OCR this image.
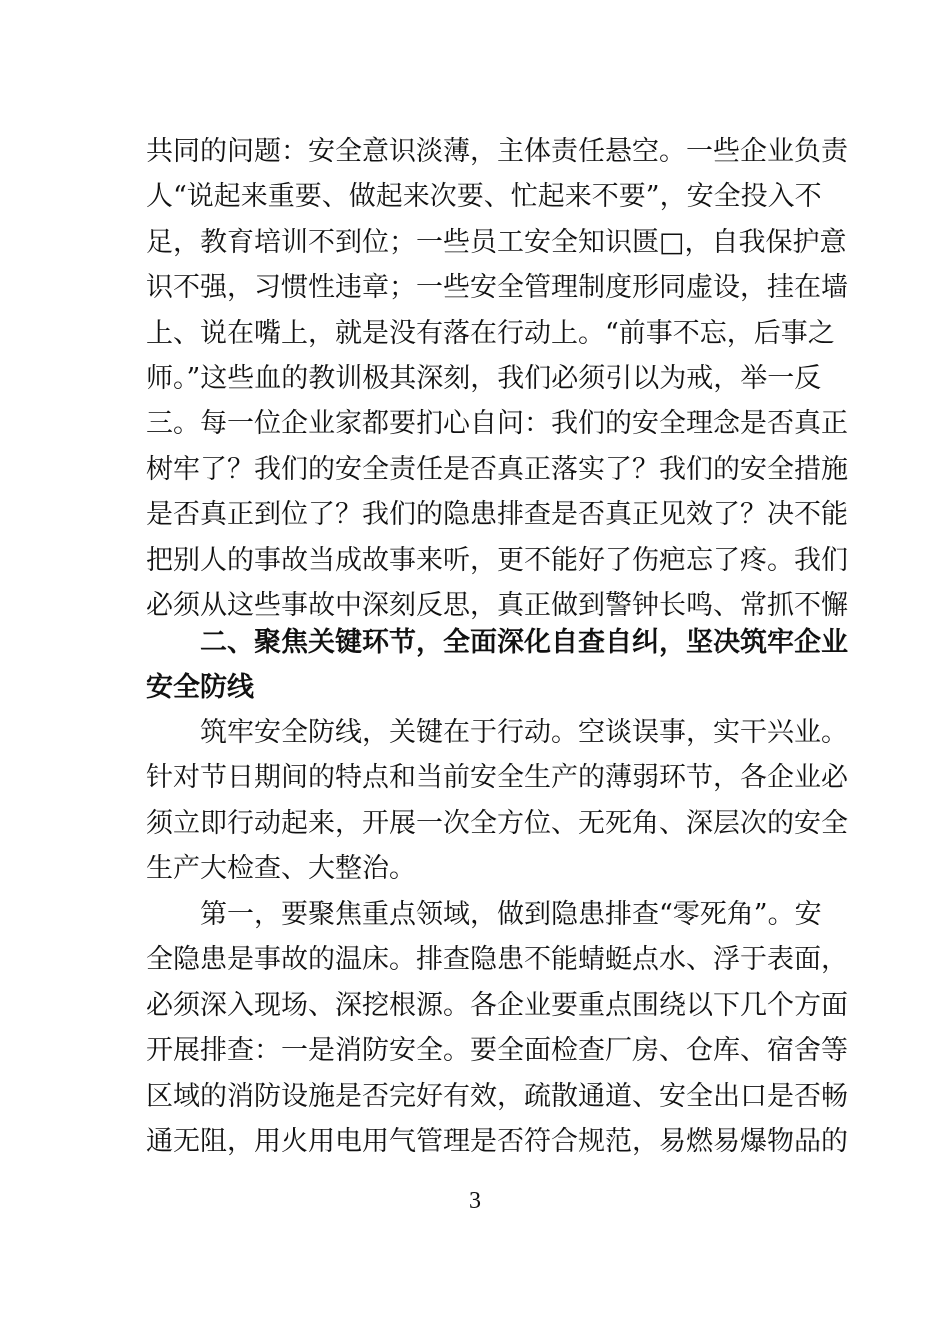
共同的问题：安全意识淡薄，主体责任悬空。一些企业负责
人“说起来重要、做起来次要、忙起来不要”，安全投入不
足，教育培训不到位；一些员工安全知识匮□，自我保护意
识不强，习惯性违章；一些安全管理制度形同虚设，挂在墙
上、说在嘴上，就是没有落在行动上。“前事不忘，后事之
师。”这些血的教训极其深刻，我们必须引以为戒，举一反
三。每一位企业家都要扪心自问：我们的安全理念是否真正
树牢了？我们的安全责任是否真正落实了？我们的安全措施
是否真正到位了？我们的隐患排查是否真正见效了？决不能
把别人的事故当成故事来听，更不能好了伤疤忘了疼。我们
必须从这些事故中深刻反思，真正做到警钟长鸣、常抓不懈
二、聚焦关键环节，全面深化自查自纠，坚决筑牢企业
安全防线
筑牢安全防线，关键在于行动。空谈误事，实干兴业。
针对节日期间的特点和当前安全生产的薄弱环节，各企业必
须立即行动起来，开展一次全方位、无死角、深层次的安全
生产大检查、大整治。
第一，要聚焦重点领域，做到隐患排查“零死角”。安
全隐患是事故的温床。排查隐患不能蜻蜓点水、浮于表面，
必须深入现场、深挖根源。各企业要重点围绕以下几个方面
开展排查：一是消防安全。要全面检查厂房、仓库、宿舍等
区域的消防设施是否完好有效，疏散通道、安全出口是否畅
通无阻，用火用电用气管理是否符合规范，易燃易爆物品的
3
